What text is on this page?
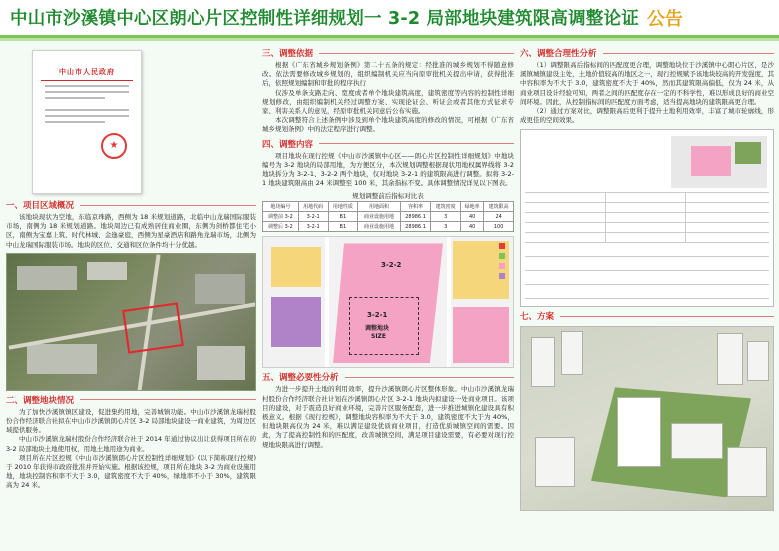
中山市沙溪镇中心区朗心片区控制性详细规划一 3-2 局部地块建筑限高调整论证 公告
中山市人民政府
★
一、项目区域概况

该地块现状为空地，东临京珠路，西侧为 18 米规划道路，北临中山龙瑞国际服装市场，南侧为 18 米规划道路。地块周边已有成熟居住商业圈，东侧为剑桥都住宅小区，南侧为宝嘉上筑、时代林城、金逸豪庭，西侧为星豪酒店和路角龙瑞市场，北侧为中山龙瑞国际服装市场。地块的区位、交通和区位条件均十分优越。

二、调整地块情况

为了加快沙溪镇镇区建设，促进集约用地，完善城镇功能。中山市沙溪镇龙瑞村股份合作经济联合社拟在中山市沙溪镇朗心片区 3-2 局部地块建设一商业建筑，为周边区域提供服务。

中山市沙溪镇龙瑞村股份合作经济联合社于 2014 年通过协议出让获得项目所在的 3-2 局部地块土地使用权，用地土地用途为商业。

项目所在片区控规《中山市沙溪镇朗心片区控制性详细规划》(以下简称现行控规)于 2010 年获得市政府批准并开始实施。根据该控规，项目所在地块 3-2 为商业设施用地，地块控制容积率不大于 3.0，建筑密度不大于 40%，绿地率不小于 30%，建筑限高为 24 米。

三、调整依据

根据《广东省城乡规划条例》第二十五条的规定：经批准的城乡规划不得随意修改。依法需要修改城乡规划的，组织编制机关应当向原审批机关提出申请，获得批准后，依照规划编制和审批的程序执行

仅涉及单条支路走向、宽度或者单个地块建筑高度，建筑密度等内容的控制性详细规划修改，由组织编制机关经过调整方案、实现论证会、听证会或者其他方式征求专家、利害关系人的意见，经原审批机关同意后公布实施。

本次调整符合上述条例中涉及到单个地块建筑高度的修改的情况，可根据《广东省城乡规划条例》中的法定程序进行调整。

四、调整内容

项目地块在现行控规《中山市沙溪镇中心区——朗心片区控制性详细规划》中地块编号为 3-2 地块的局部用地，为方便区分，本次规划调整根据现状用地权属界线将 3-2 地块拆分为 3-2-1、3-2-2 两个地块，仅对地块 3-2-1 的建筑限高进行调整。拟将 3-2-1 地块建筑限高由 24 米调整至 100 米，其余指标不变。具体调整情况详见以下图表。

规划调整前后指标对比表
地块编号	用地代码	用地性质	用地面积	容积率	建筑密度	绿地率	建筑限高
调整前 3-2	3-2-1	B1	商业设施用地	28986.1	3	40	24
调整后 3-2	3-2-1	B1	商业设施用地	28986.1	3	40	100
3-2-2
3-2-1
调整地块
SIZE
五、调整必要性分析

为进一步提升土地的利用效率，提升沙溪镇朗心片区整体形象。中山市沙溪镇龙瑞村股份合作经济联合社计划在沙溪镇朗心片区 3-2-1 地块内拟建设一处商业项目。该项目的建设，对于震造良好商业环境，完善片区服务配套，进一步推进城镇化建设具有积极意义。根据《现行控规》，调整地块容积率为不大于 3.0，建筑密度不大于为 40%，但地块限高仅为 24 米，难以满足建设优质商业项目，打造优质城镇空间的需要。因此，为了提高控制性和的匹配度，改善城镇空间，满足项目建设需要，有必要对现行控规地块限高进行调整。

六、调整合理性分析

（1）调整限高后指标间的匹配度更合理，调整地块位于沙溪镇中心朗心片区，是沙溪镇城镇建设主处，土地价值较高的地区之一，现行控规赋予该地块较高的开发强度，其中容积率为不大于 3.0，建筑密度不大于 40%，然而其建筑限高偏低，仅为 24 米，从商业项目设计经验可知，两者之间的匹配度存在一定的不科学性，难以形成良好的商业空间环境。因此，从控制指标间的匹配度方面考虑，适当提高地块的建筑限高更合理。

（2）通过方案对比，调整限高后更利于提升土地利用效率，丰富了城市轮廓线，形成更佳的空间效果。

七、方案
